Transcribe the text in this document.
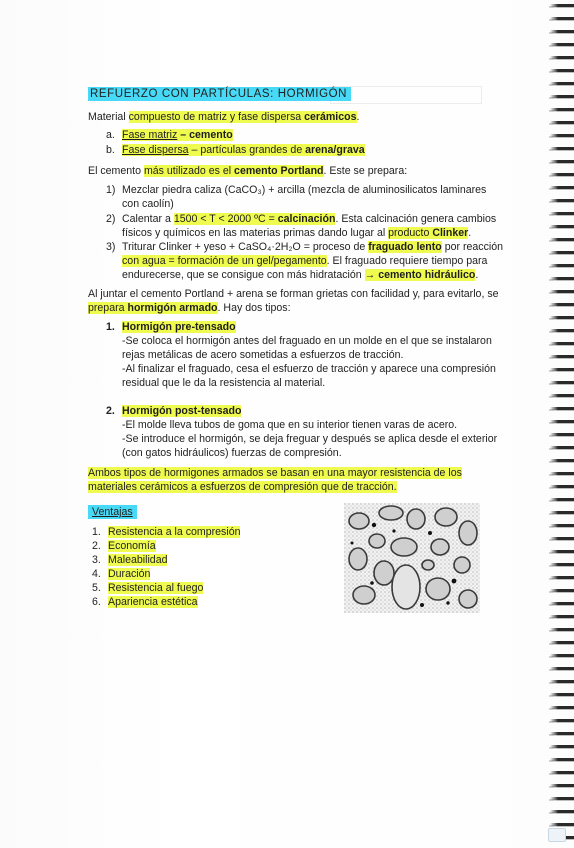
REFUERZO CON PARTÍCULAS: HORMIGÓN
Material compuesto de matriz y fase dispersa cerámicos.
a. Fase matriz – cemento
b. Fase dispersa – partículas grandes de arena/grava
El cemento más utilizado es el cemento Portland. Este se prepara:
1) Mezclar piedra caliza (CaCO₃) + arcilla (mezcla de aluminosilicatos laminares
con caolín)
2) Calentar a 1500 < T < 2000 ºC = calcinación. Esta calcinación genera cambios
físicos y químicos en las materias primas dando lugar al producto Clinker.
3) Triturar Clinker + yeso + CaSO₄·2H₂O = proceso de fraguado lento por reacción
con agua = formación de un gel/pegamento. El fraguado requiere tiempo para
endurecerse, que se consigue con más hidratación → cemento hidráulico.
Al juntar el cemento Portland + arena se forman grietas con facilidad y, para evitarlo, se
prepara hormigón armado. Hay dos tipos:
1. Hormigón pre-tensado
-Se coloca el hormigón antes del fraguado en un molde en el que se instalaron
rejas metálicas de acero sometidas a esfuerzos de tracción.
-Al finalizar el fraguado, cesa el esfuerzo de tracción y aparece una compresión
residual que le da la resistencia al material.
2. Hormigón post-tensado
-El molde lleva tubos de goma que en su interior tienen varas de acero.
-Se introduce el hormigón, se deja freguar y después se aplica desde el exterior
(con gatos hidráulicos) fuerzas de compresión.
Ambos tipos de hormigones armados se basan en una mayor resistencia de los
materiales cerámicos a esfuerzos de compresión que de tracción.
Ventajas
1. Resistencia a la compresión
2. Economía
3. Maleabilidad
4. Duración
5. Resistencia al fuego
6. Apariencia estética
